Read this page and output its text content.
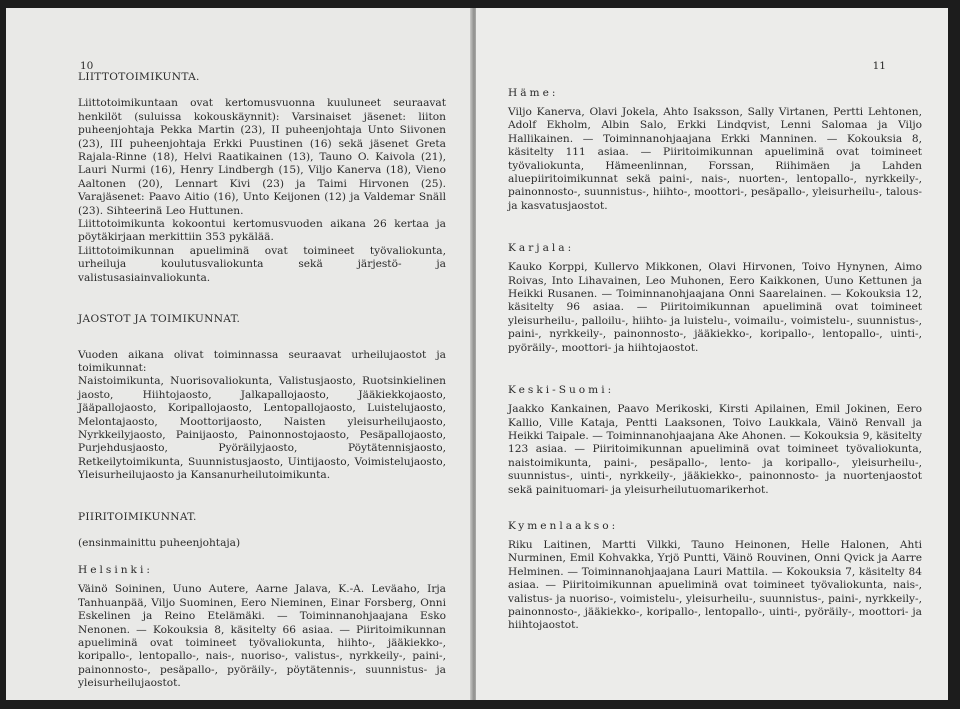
10
LIITTOTOIMIKUNTA.

Liittotoimikuntaan ovat kertomusvuonna kuuluneet seuraavat henkilöt (suluissa kokouskäynnit): Varsinaiset jäsenet: liiton puheenjohtaja Pekka Martin (23), II puheenjohtaja Unto Siivonen (23), III puheenjohtaja Erkki Puustinen (16) sekä jäsenet Greta Rajala-Rinne (18), Helvi Raatikainen (13), Tauno O. Kaivola (21), Lauri Nurmi (16), Henry Lindbergh (15), Viljo Kanerva (18), Vieno Aaltonen (20), Lennart Kivi (23) ja Taimi Hirvonen (25). Varajäsenet: Paavo Aitio (16), Unto Keijonen (12) ja Valdemar Snäll (23). Sihteerinä Leo Huttunen.

Liittotoimikunta kokoontui kertomusvuoden aikana 26 kertaa ja pöytäkirjaan merkittiin 353 pykälää.

Liittotoimikunnan apueliminä ovat toimineet työvaliokunta, urheiluja koulutusvaliokunta sekä järjestö- ja valistusasiainvaliokunta.

JAOSTOT JA TOIMIKUNNAT.

Vuoden aikana olivat toiminnassa seuraavat urheilujaostot ja toimikunnat:

Naistoimikunta, Nuorisovaliokunta, Valistusjaosto, Ruotsinkielinen jaosto, Hiihtojaosto, Jalkapallojaosto, Jääkiekkojaosto, Jääpallojaosto, Koripallojaosto, Lentopallojaosto, Luistelujaosto, Melontajaosto, Moottorijaosto, Naisten yleisurheilujaosto, Nyrkkeilyjaosto, Painijaosto, Painonnostojaosto, Pesäpallojaosto, Purjehdusjaosto, Pyöräilyjaosto, Pöytätennisjaosto, Retkeilytoimikunta, Suunnistusjaosto, Uintijaosto, Voimistelujaosto, Yleisurheilujaosto ja Kansanurheilutoimikunta.

PIIRITOIMIKUNNAT.

(ensinmainittu puheenjohtaja)

Helsinki:

Väinö Soininen, Uuno Autere, Aarne Jalava, K.-A. Leväaho, Irja Tanhuanpää, Viljo Suominen, Eero Nieminen, Einar Forsberg, Onni Eskelinen ja Reino Etelämäki. — Toiminnanohjaajana Esko Nenonen. — Kokouksia 8, käsitelty 66 asiaa. — Piiritoimikunnan apueliminä ovat toimineet työvaliokunta, hiihto-, jääkiekko-, koripallo-, lentopallo-, nais-, nuoriso-, valistus-, nyrkkeily-, paini-, painonnosto-, pesäpallo-, pyöräily-, pöytätennis-, suunnistus- ja yleisurheilujaostot.

11
Häme:

Viljo Kanerva, Olavi Jokela, Ahto Isaksson, Sally Virtanen, Pertti Lehtonen, Adolf Ekholm, Albin Salo, Erkki Lindqvist, Lenni Salomaa ja Viljo Hallikainen. — Toiminnanohjaajana Erkki Manninen. — Kokouksia 8, käsitelty 111 asiaa. — Piiritoimikunnan apueliminä ovat toimineet työvaliokunta, Hämeenlinnan, Forssan, Riihimäen ja Lahden aluepiiritoimikunnat sekä paini-, nais-, nuorten-, lentopallo-, nyrkkeily-, painonnosto-, suunnistus-, hiihto-, moottori-, pesäpallo-, yleisurheilu-, talous- ja kasvatusjaostot.

Karjala:

Kauko Korppi, Kullervo Mikkonen, Olavi Hirvonen, Toivo Hynynen, Aimo Roivas, Into Lihavainen, Leo Muhonen, Eero Kaikkonen, Uuno Kettunen ja Heikki Rusanen. — Toiminnanohjaajana Onni Saarelainen. — Kokouksia 12, käsitelty 96 asiaa. — Piiritoimikunnan apueliminä ovat toimineet yleisurheilu-, palloilu-, hiihto- ja luistelu-, voimailu-, voimistelu-, suunnistus-, paini-, nyrkkeily-, painonnosto-, jääkiekko-, koripallo-, lentopallo-, uinti-, pyöräily-, moottori- ja hiihtojaostot.

Keski-Suomi:

Jaakko Kankainen, Paavo Merikoski, Kirsti Apilainen, Emil Jokinen, Eero Kallio, Ville Kataja, Pentti Laaksonen, Toivo Laukkala, Väinö Renvall ja Heikki Taipale. — Toiminnanohjaajana Ake Ahonen. — Kokouksia 9, käsitelty 123 asiaa. — Piiritoimikunnan apueliminä ovat toimineet työvaliokunta, naistoimikunta, paini-, pesäpallo-, lento- ja koripallo-, yleisurheilu-, suunnistus-, uinti-, nyrkkeily-, jääkiekko-, painonnosto- ja nuortenjaostot sekä painituomari- ja yleisurheilutuomarikerhot.

Kymenlaakso:

Riku Laitinen, Martti Vilkki, Tauno Heinonen, Helle Halonen, Ahti Nurminen, Emil Kohvakka, Yrjö Puntti, Väinö Rouvinen, Onni Qvick ja Aarre Helminen. — Toiminnanohjaajana Lauri Mattila. — Kokouksia 7, käsitelty 84 asiaa. — Piiritoimikunnan apueliminä ovat toimineet työvaliokunta, nais-, valistus- ja nuoriso-, voimistelu-, yleisurheilu-, suunnistus-, paini-, nyrkkeily-, painonnosto-, jääkiekko-, koripallo-, lentopallo-, uinti-, pyöräily-, moottori- ja hiihtojaostot.
